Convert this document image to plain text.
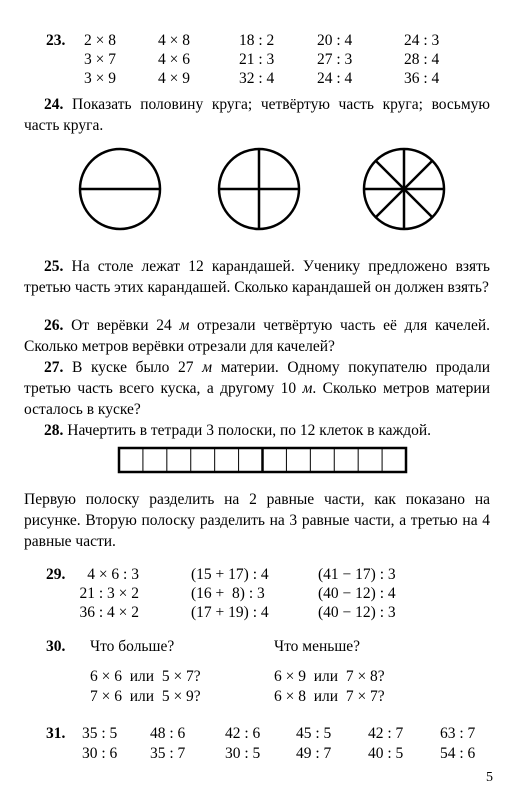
23. 2 × 8
3 × 7
3 × 9
4 × 8
4 × 6
4 × 9
18 : 2
21 : 3
32 : 4
20 : 4
27 : 3
24 : 4
24 : 3
28 : 4
36 : 4
24. Показать половину круга; четвёртую часть круга; восьмую часть круга.
25. На столе лежат 12 карандашей. Ученику предложено взять третью часть этих карандашей. Сколько карандашей он должен взять?
26. От верёвки 24 м отрезали четвёртую часть её для качелей. Сколько метров верёвки отрезали для качелей?
27. В куске было 27 м материи. Одному покупателю продали третью часть всего куска, а другому 10 м. Сколько метров материи осталось в куске?
28. Начертить в тетради 3 полоски, по 12 клеток в каждой.
Первую полоску разделить на 2 равные части, как показано на рисунке. Вторую полоску разделить на 3 равные части, а третью на 4 равные части.
29. 4 × 6 : 3
21 : 3 × 2
36 : 4 × 2
(15 + 17) : 4
(16 +  8) : 3
(17 + 19) : 4
(41 − 17) : 3
(40 − 12) : 4
(40 − 12) : 3
30. Что больше?	Что меньше?
6 × 6  или  5 × 7?
7 × 6  или  5 × 9?
6 × 9  или  7 × 8?
6 × 8  или  7 × 7?
31. 35 : 5
30 : 6
48 : 6
35 : 7
42 : 6
30 : 5
45 : 5
49 : 7
42 : 7
40 : 5
63 : 7
54 : 6
5
